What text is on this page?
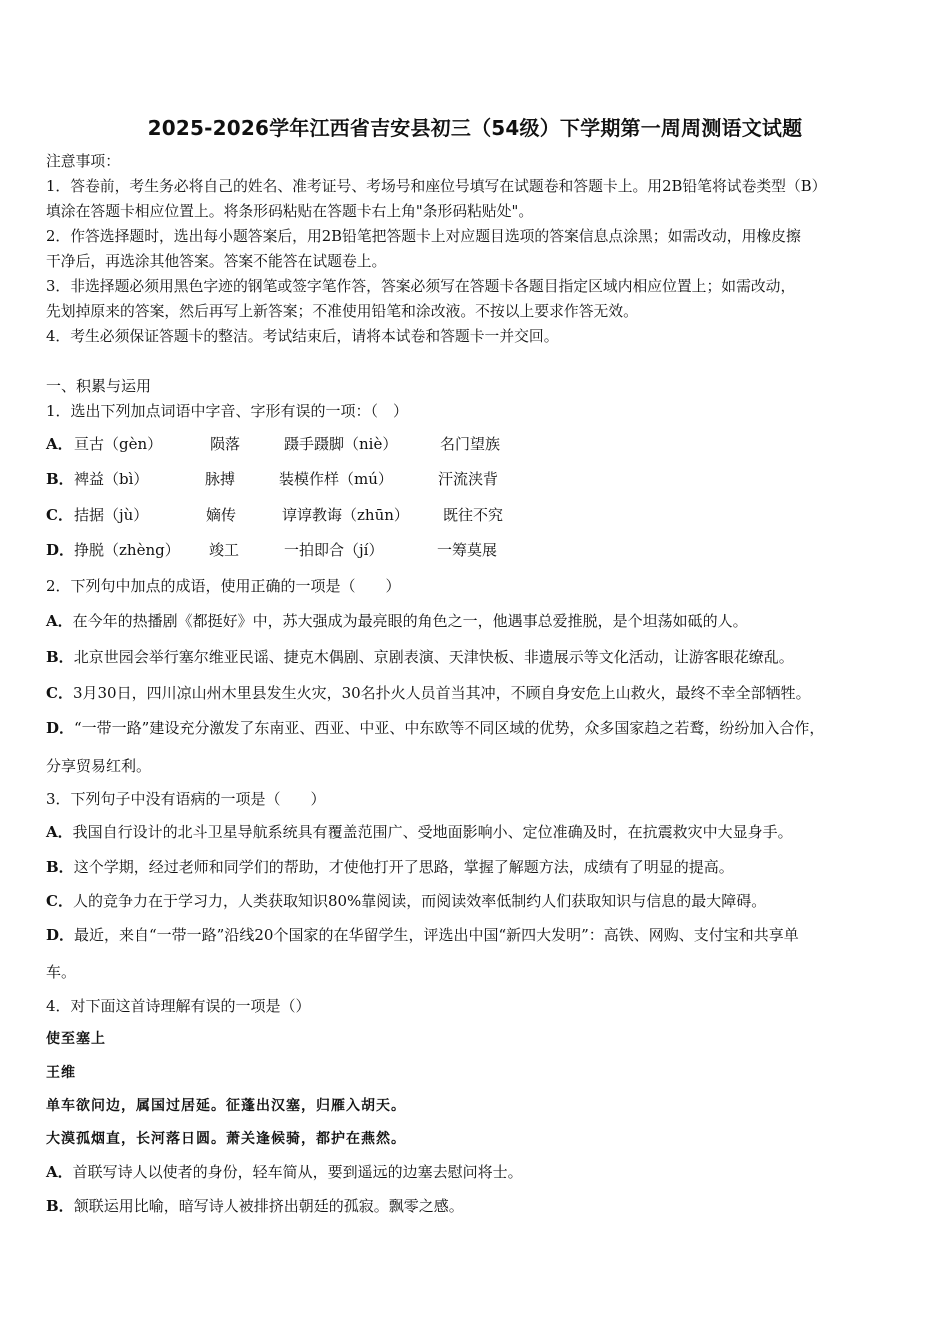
2025-2026学年江西省吉安县初三（54级）下学期第一周周测语文试题
注意事项：
1．答卷前，考生务必将自己的姓名、准考证号、考场号和座位号填写在试题卷和答题卡上。用2B铅笔将试卷类型（B）
填涂在答题卡相应位置上。将条形码粘贴在答题卡右上角"条形码粘贴处"。
2．作答选择题时，选出每小题答案后，用2B铅笔把答题卡上对应题目选项的答案信息点涂黑；如需改动，用橡皮擦
干净后，再选涂其他答案。答案不能答在试题卷上。
3．非选择题必须用黑色字迹的钢笔或签字笔作答，答案必须写在答题卡各题目指定区域内相应位置上；如需改动，
先划掉原来的答案，然后再写上新答案；不准使用铅笔和涂改液。不按以上要求作答无效。
4．考生必须保证答题卡的整洁。考试结束后，请将本试卷和答题卡一并交回。
一、积累与运用
1．选出下列加点词语中字音、字形有误的一项：（　）
A． 亘古（gèn）	陨落	蹑手蹑脚（niè）	名门望族
B． 裨益（bì）	脉搏	装模作样（mú）	汗流浃背
C． 拮据（jù）	嫡传	谆谆教诲（zhūn） 既往不究
D． 挣脱（zhèng） 竣工	一拍即合（jí）	一筹莫展
2．下列句中加点的成语，使用正确的一项是（　　）
A．在今年的热播剧《都挺好》中，苏大强成为最亮眼的角色之一，他遇事总爱推脱，是个坦荡如砥的人。
B．北京世园会举行塞尔维亚民谣、捷克木偶剧、京剧表演、天津快板、非遗展示等文化活动，让游客眼花缭乱。
C．3月30日，四川凉山州木里县发生火灾，30名扑火人员首当其冲，不顾自身安危上山救火，最终不幸全部牺牲。
D．“一带一路”建设充分激发了东南亚、西亚、中亚、中东欧等不同区域的优势，众多国家趋之若鹜，纷纷加入合作，
分享贸易红利。
3．下列句子中没有语病的一项是（　　）
A．我国自行设计的北斗卫星导航系统具有覆盖范围广、受地面影响小、定位准确及时，在抗震救灾中大显身手。
B．这个学期，经过老师和同学们的帮助，才使他打开了思路，掌握了解题方法，成绩有了明显的提高。
C．人的竞争力在于学习力，人类获取知识80%靠阅读，而阅读效率低制约人们获取知识与信息的最大障碍。
D．最近，来自“一带一路”沿线20个国家的在华留学生，评选出中国“新四大发明”：高铁、网购、支付宝和共享单
车。
4．对下面这首诗理解有误的一项是（）
使至塞上
王维
单车欲问边，属国过居延。征蓬出汉塞，归雁入胡天。
大漠孤烟直，长河落日圆。萧关逢候骑，都护在燕然。
A．首联写诗人以使者的身份，轻车简从，要到遥远的边塞去慰问将士。
B．颔联运用比喻，暗写诗人被排挤出朝廷的孤寂。飘零之感。
